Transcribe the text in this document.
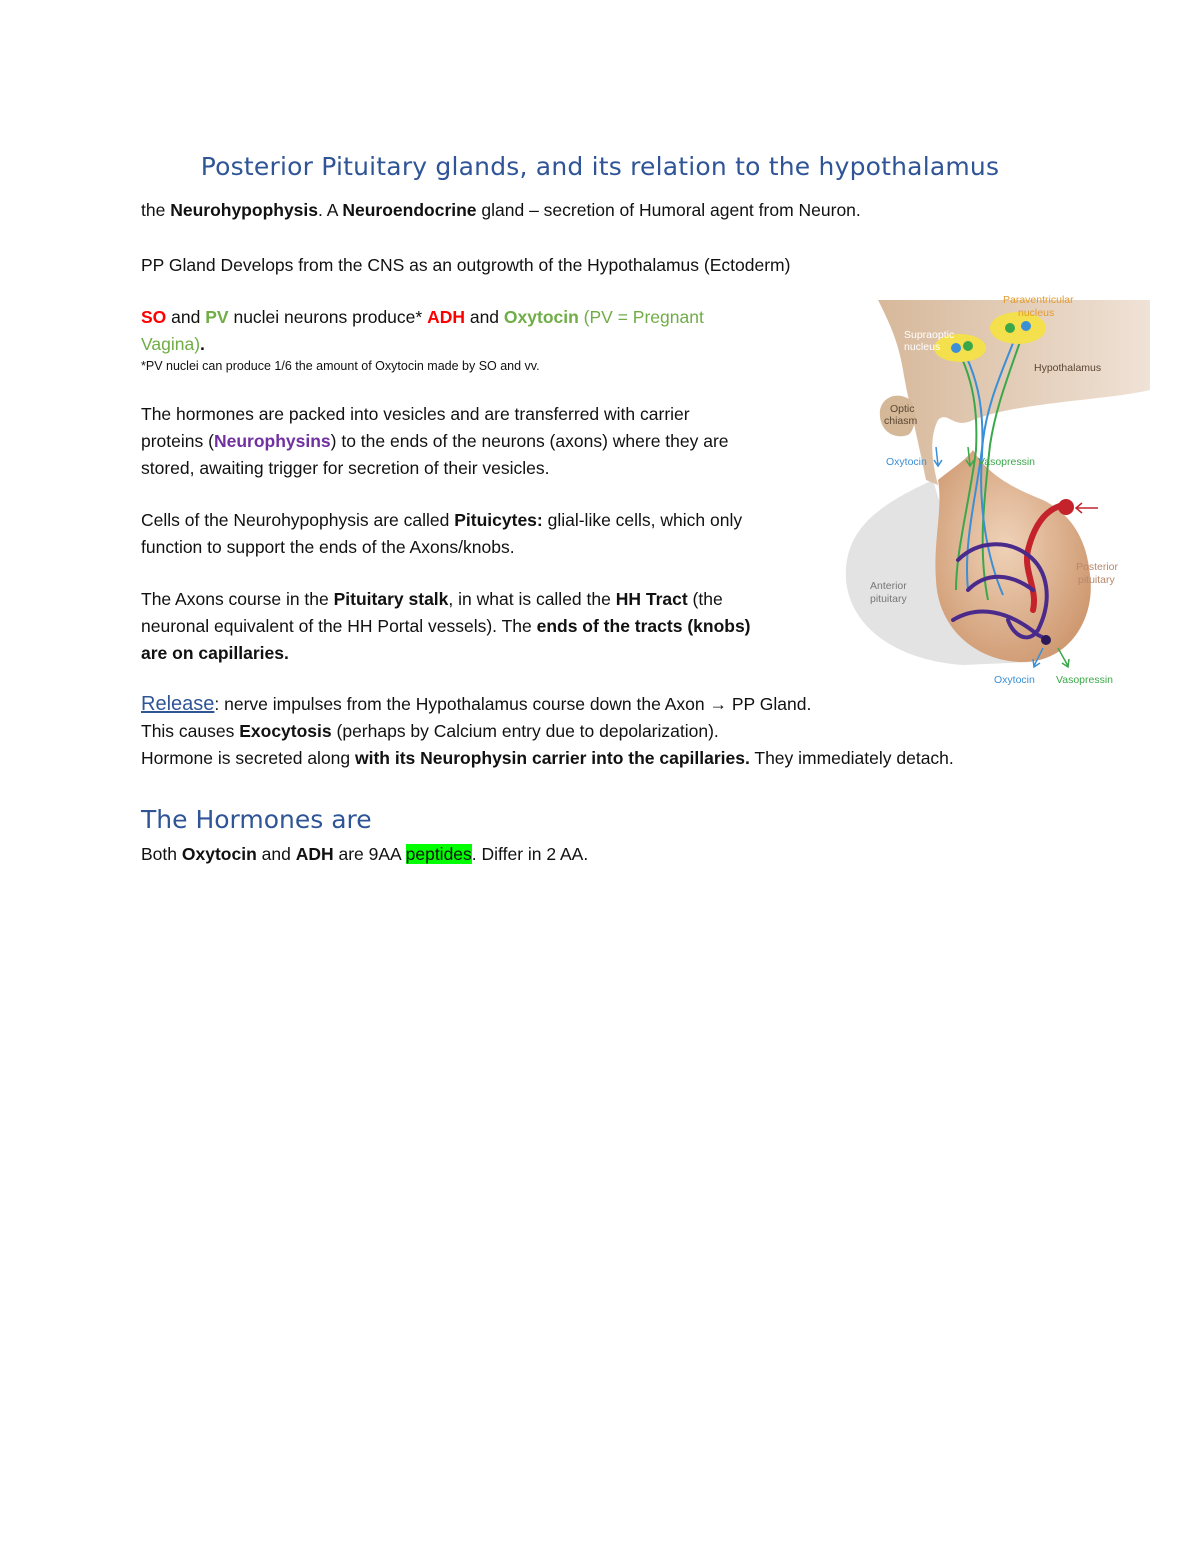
Posterior Pituitary glands, and its relation to the hypothalamus
the Neurohypophysis. A Neuroendocrine gland – secretion of Humoral agent from Neuron.
PP Gland Develops from the CNS as an outgrowth of the Hypothalamus (Ectoderm)
SO and PV nuclei neurons produce* ADH and Oxytocin (PV = Pregnant
Vagina).
*PV nuclei can produce 1/6 the amount of Oxytocin made by SO and vv.
The hormones are packed into vesicles and are transferred with carrier
proteins (Neurophysins) to the ends of the neurons (axons) where they are
stored, awaiting trigger for secretion of their vesicles.
Cells of the Neurohypophysis are called Pituicytes: glial-like cells, which only
function to support the ends of the Axons/knobs.
The Axons course in the Pituitary stalk, in what is called the HH Tract (the
neuronal equivalent of the HH Portal vessels). The ends of the tracts (knobs)
are on capillaries.
Release: nerve impulses from the Hypothalamus course down the Axon → PP Gland.
This causes Exocytosis (perhaps by Calcium entry due to depolarization).
Hormone is secreted along with its Neurophysin carrier into the capillaries. They immediately detach.
The Hormones are
Both Oxytocin and ADH are 9AA peptides. Differ in 2 AA.
Paraventricular
nucleus
Supraoptic
nucleus
Hypothalamus
Optic
chiasm
Oxytocin	Vasopressin
Anterior
pituitary
Posterior
pituitary
Oxytocin Vasopressin
